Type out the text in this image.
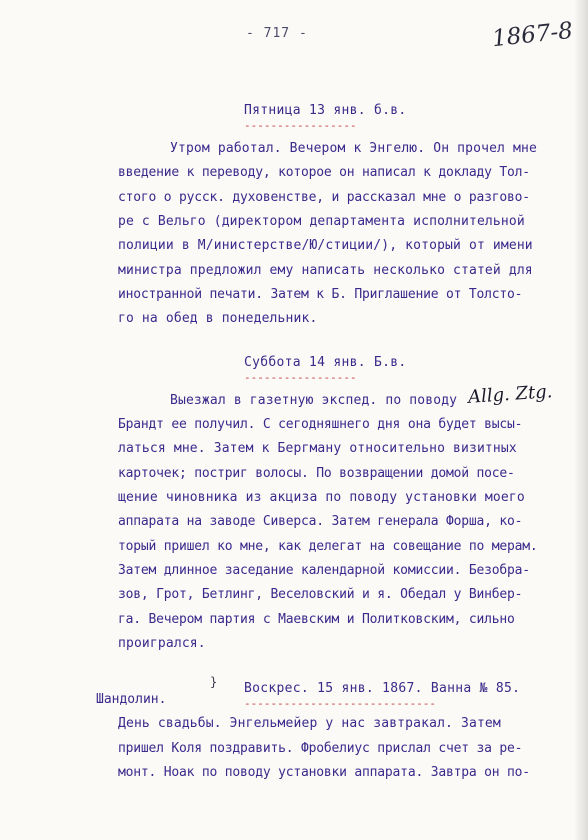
- 717 -	1867-8
Пятница 13 янв. б.в.
-----------------
Утром работал. Вечером к Энгелю. Он прочел мне
введение к переводу, которое он написал к докладу Тол-
стого о русск. духовенстве, и рассказал мне о разгово-
ре с Вельго (директором департамента исполнительной
полиции в М/инистерстве/Ю/стиции/), который от имени
министра предложил ему написать несколько статей для
иностранной печати. Затем к Б. Приглашение от Толсто-
го на обед в понедельник.
Суббота 14 янв. Б.в.
-----------------
Выезжал в газетную экспед. по поводу Allg. Ztg.
Брандт ее получил. С сегодняшнего дня она будет высы-
латься мне. Затем к Бергману относительно визитных
карточек; постриг волосы. По возвращении домой посе-
щение чиновника из акциза по поводу установки моего
аппарата на заводе Сиверса. Затем генерала Форша, ко-
торый пришел ко мне, как делегат на совещание по мерам.
Затем длинное заседание календарной комиссии. Безобра-
зов, Грот, Бетлинг, Веселовский и я. Обедал у Винбер-
га. Вечером партия с Маевским и Политковским, сильно
проигрался.
} Воскрес. 15 янв. 1867. Ванна № 85.
Шандолин.	-----------------------------
День свадьбы. Энгельмейер у нас завтракал. Затем
пришел Коля поздравить. Фробелиус прислал счет за ре-
монт. Ноак по поводу установки аппарата. Завтра он по-
